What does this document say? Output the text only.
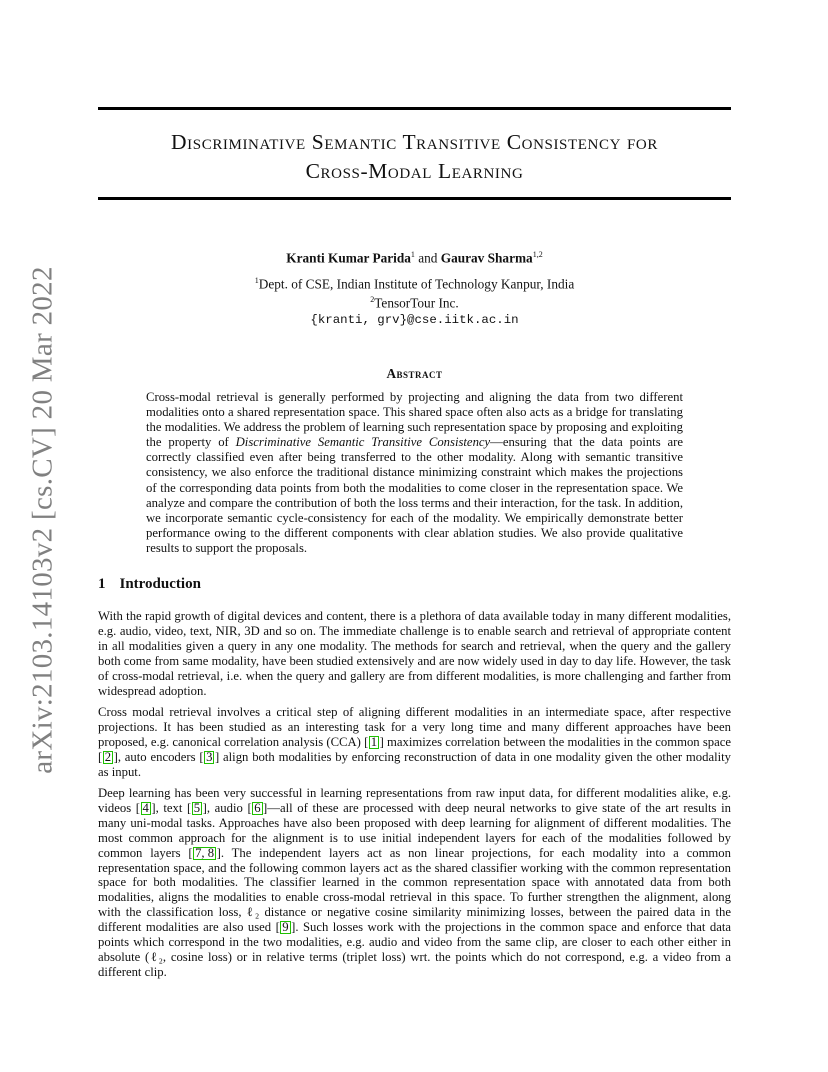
Discriminative Semantic Transitive Consistency for
Cross-Modal Learning
Kranti Kumar Parida$^1$ and Gaurav Sharma$^{1,2}$
$^1$Dept. of CSE, Indian Institute of Technology Kanpur, India
$^2$TensorTour Inc.
{kranti, grv}@cse.iitk.ac.in
Abstract

Cross-modal retrieval is generally performed by projecting and aligning the data from two different modalities onto a shared representation space. This shared space often also acts as a bridge for translating the modalities. We address the problem of learning such representation space by proposing and exploiting the property of Discriminative Semantic Transitive Consistency—ensuring that the data points are correctly classified even after being transferred to the other modality. Along with semantic transitive consistency, we also enforce the traditional distance minimizing constraint which makes the projections of the corresponding data points from both the modalities to come closer in the representation space. We analyze and compare the contribution of both the loss terms and their interaction, for the task. In addition, we incorporate semantic cycle-consistency for each of the modality. We empirically demonstrate better performance owing to the different components with clear ablation studies. We also provide qualitative results to support the proposals.

1 Introduction

With the rapid growth of digital devices and content, there is a plethora of data available today in many different modalities, e.g. audio, video, text, NIR, 3D and so on. The immediate challenge is to enable search and retrieval of appropriate content in all modalities given a query in any one modality. The methods for search and retrieval, when the query and the gallery both come from same modality, have been studied extensively and are now widely used in day to day life. However, the task of cross-modal retrieval, i.e. when the query and gallery are from different modalities, is more challenging and farther from widespread adoption.

Cross modal retrieval involves a critical step of aligning different modalities in an intermediate space, after respective projections. It has been studied as an interesting task for a very long time and many different approaches have been proposed, e.g. canonical correlation analysis (CCA) [ 1 ] maximizes correlation between the modalities in the common space [ 2 ], auto encoders [ 3 ] align both modalities by enforcing reconstruction of data in one modality given the other modality as input.

Deep learning has been very successful in learning representations from raw input data, for different modalities alike, e.g. videos [ 4 ], text [ 5 ], audio [ 6 ]—all of these are processed with deep neural networks to give state of the art results in many uni-modal tasks. Approaches have also been proposed with deep learning for alignment of different modalities. The most common approach for the alignment is to use initial independent layers for each of the modalities followed by common layers [ 7, 8 ]. The independent layers act as non linear projections, for each modality into a common representation space, and the following common layers act as the shared classifier working with the common representation space for both modalities. The classifier learned in the common representation space with annotated data from both modalities, aligns the modalities to enable cross-modal retrieval in this space. To further strengthen the alignment, along with the classification loss, ℓ₂ distance or negative cosine similarity minimizing losses, between the paired data in the different modalities are also used [ 9 ]. Such losses work with the projections in the common space and enforce that data points which correspond in the two modalities, e.g. audio and video from the same clip, are closer to each other either in absolute (ℓ₂, cosine loss) or in relative terms (triplet loss) wrt. the points which do not correspond, e.g. a video from a different clip.

arXiv:2103.14103v2 [cs.CV] 20 Mar 2022
